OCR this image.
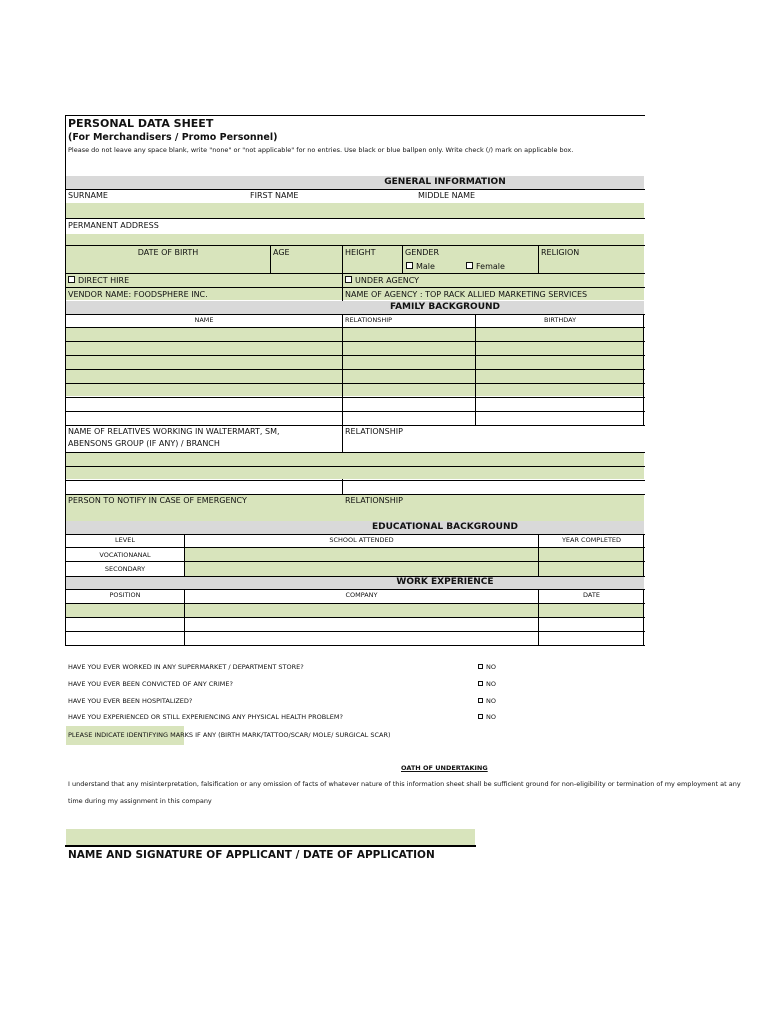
PERSONAL DATA SHEET
(For Merchandisers / Promo Personnel)
Please do not leave any space blank, write "none" or "not applicable" for no entries. Use black or blue ballpen only. Write check (/) mark on applicable box.
GENERAL INFORMATION
SURNAME	FIRST NAME	MIDDLE NAME
PERMANENT ADDRESS
DATE OF BIRTH	AGE	HEIGHT	GENDER	RELIGION
Male	Female
DIRECT HIRE	UNDER AGENCY
VENDOR NAME: FOODSPHERE INC.	NAME OF AGENCY : TOP RACK ALLIED MARKETING SERVICES
FAMILY BACKGROUND
NAME	RELATIONSHIP	BIRTHDAY
NAME OF RELATIVES WORKING IN WALTERMART, SM,
ABENSONS GROUP (IF ANY) / BRANCH
RELATIONSHIP
PERSON TO NOTIFY IN CASE OF EMERGENCY	RELATIONSHIP
EDUCATIONAL BACKGROUND
LEVEL	SCHOOL ATTENDED	YEAR COMPLETED
VOCATIONANAL
SECONDARY
WORK EXPERIENCE
POSITION	COMPANY	DATE
HAVE YOU EVER WORKED IN ANY SUPERMARKET / DEPARTMENT STORE?	NO
HAVE YOU EVER BEEN CONVICTED OF ANY CRIME?	NO
HAVE YOU EVER BEEN HOSPITALIZED?	NO
HAVE YOU EXPERIENCED OR STILL EXPERIENCING ANY PHYSICAL HEALTH PROBLEM?	NO
PLEASE INDICATE IDENTIFYING MARKS IF ANY (BIRTH MARK/TATTOO/SCAR/ MOLE/ SURGICAL SCAR)
OATH OF UNDERTAKING
I understand that any misinterpretation, falsification or any omission of facts of whatever nature of this information sheet shall be sufficient ground for non-eligibility or termination of my employment at any
time during my assignment in this company
NAME AND SIGNATURE OF APPLICANT / DATE OF APPLICATION
